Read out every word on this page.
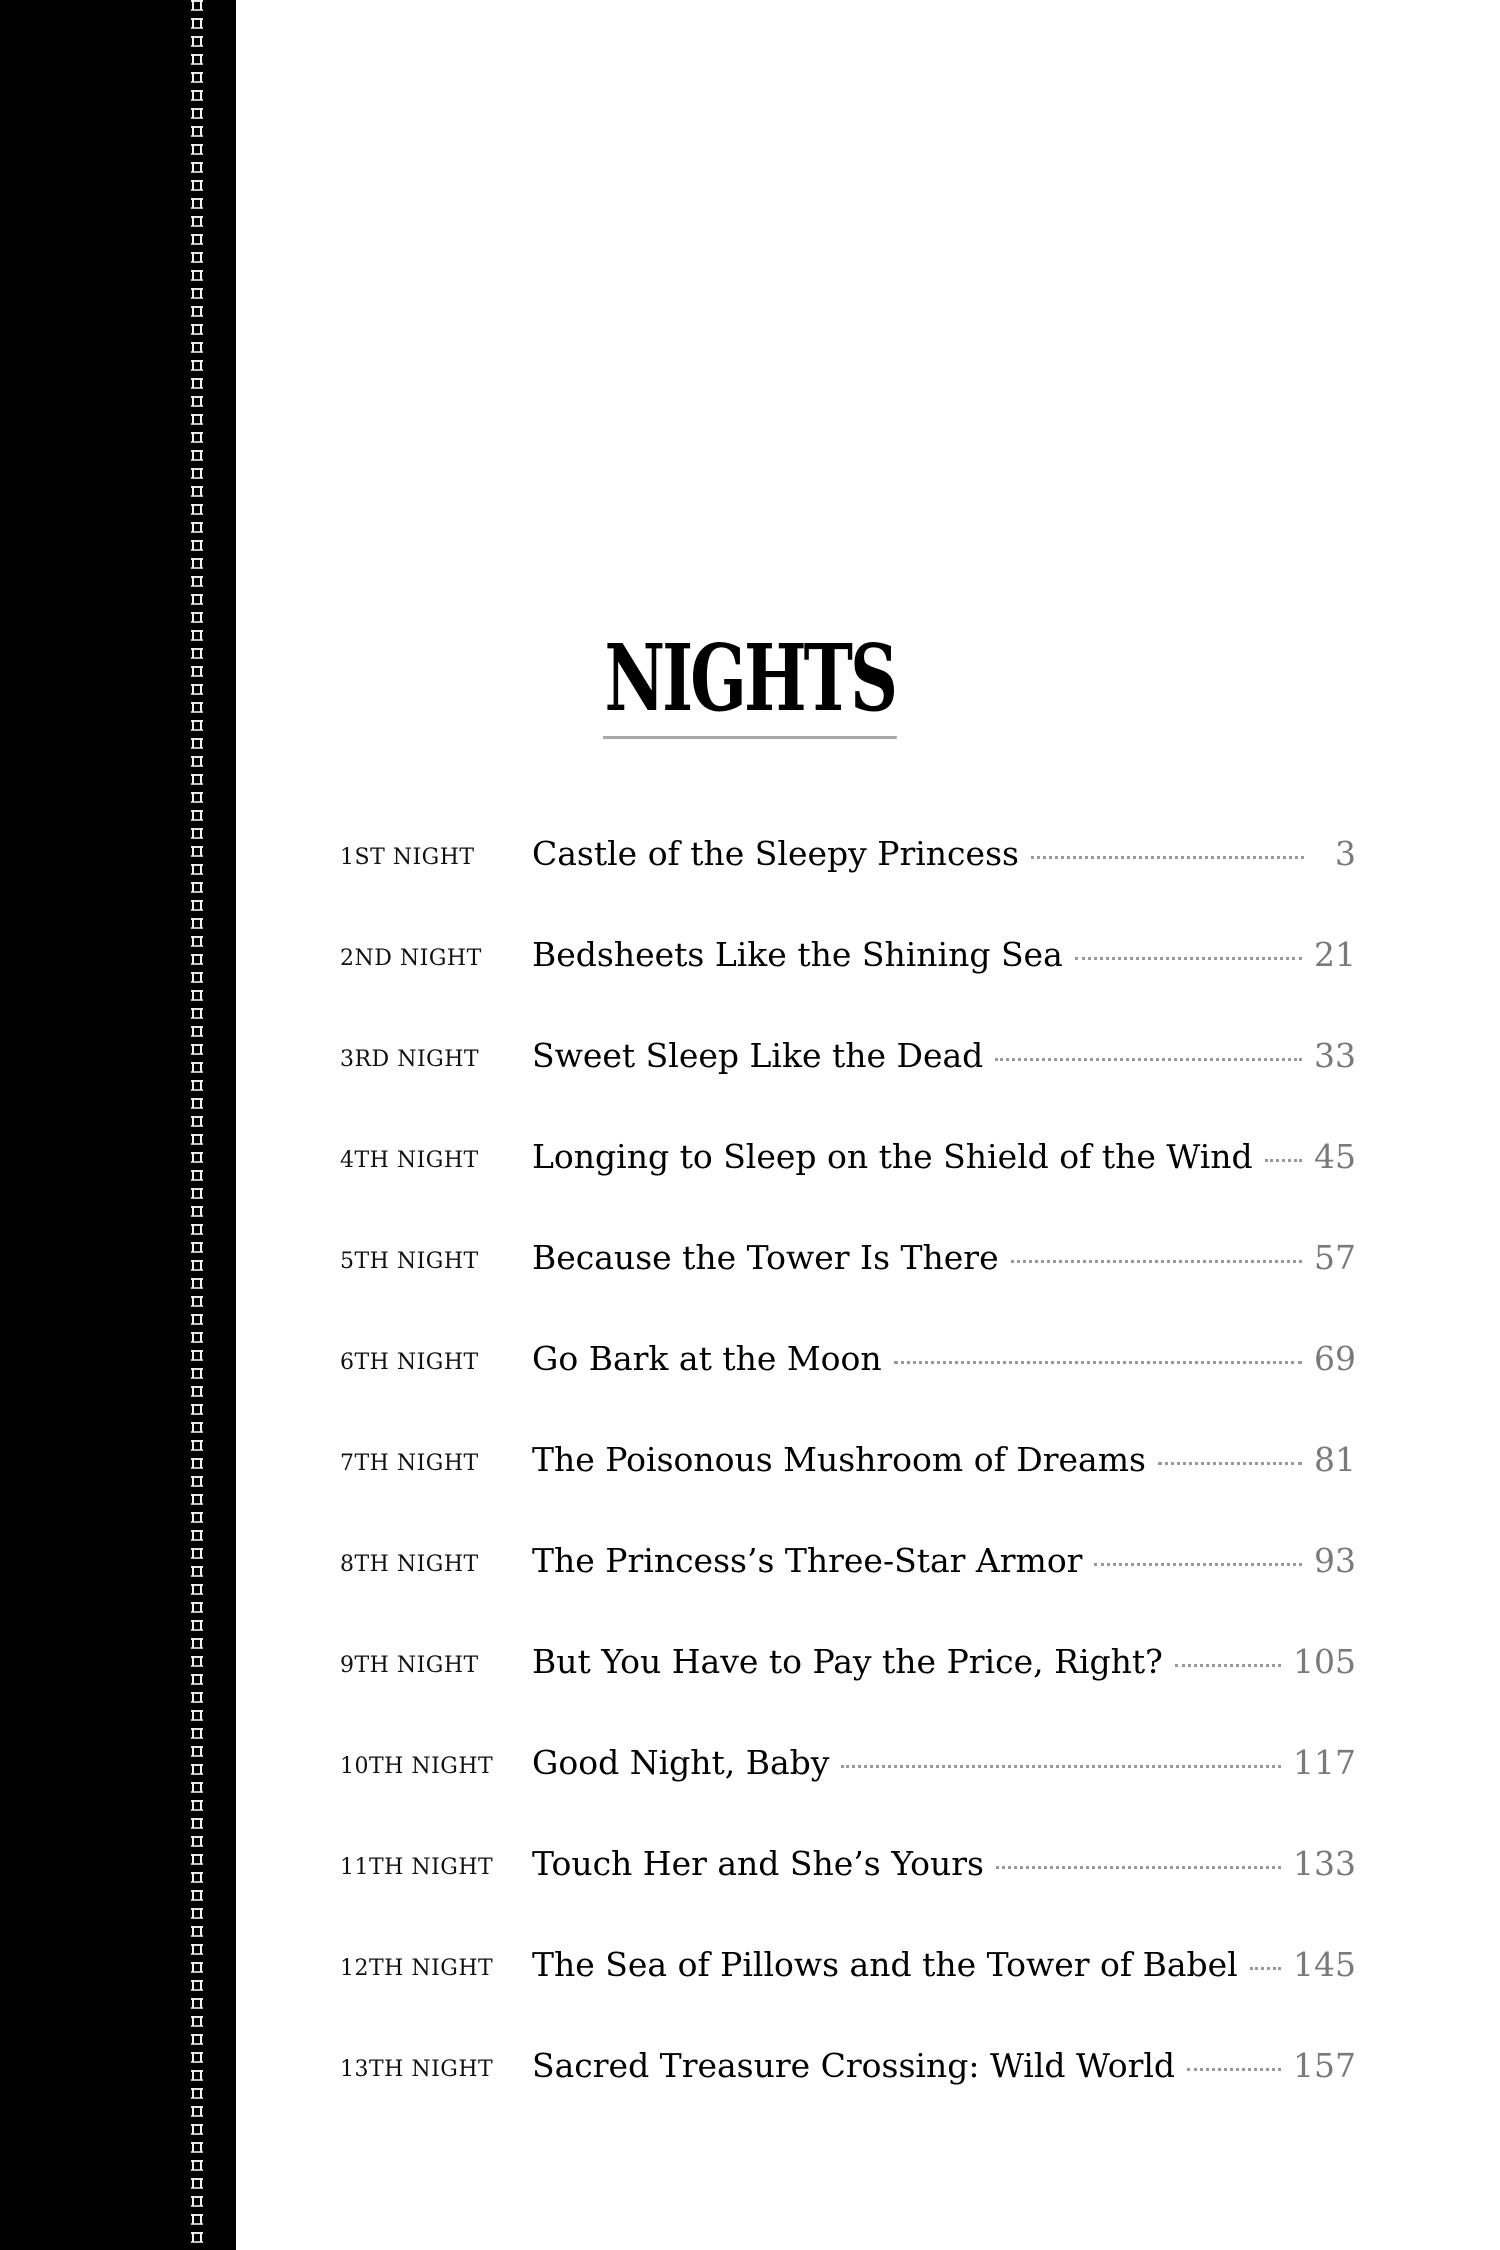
NIGHTS
1ST NIGHT Castle of the Sleepy Princess	3
2ND NIGHT Bedsheets Like the Shining Sea	21
3RD NIGHT Sweet Sleep Like the Dead	33
4TH NIGHT Longing to Sleep on the Shield of the Wind 45
5TH NIGHT Because the Tower Is There	57
6TH NIGHT Go Bark at the Moon	69
7TH NIGHT The Poisonous Mushroom of Dreams	81
8TH NIGHT The Princess’s Three-Star Armor	93
9TH NIGHT But You Have to Pay the Price, Right?	105
10TH NIGHT Good Night, Baby	117
11TH NIGHT Touch Her and She’s Yours	133
12TH NIGHT The Sea of Pillows and the Tower of Babel 145
13TH NIGHT Sacred Treasure Crossing: Wild World	157
